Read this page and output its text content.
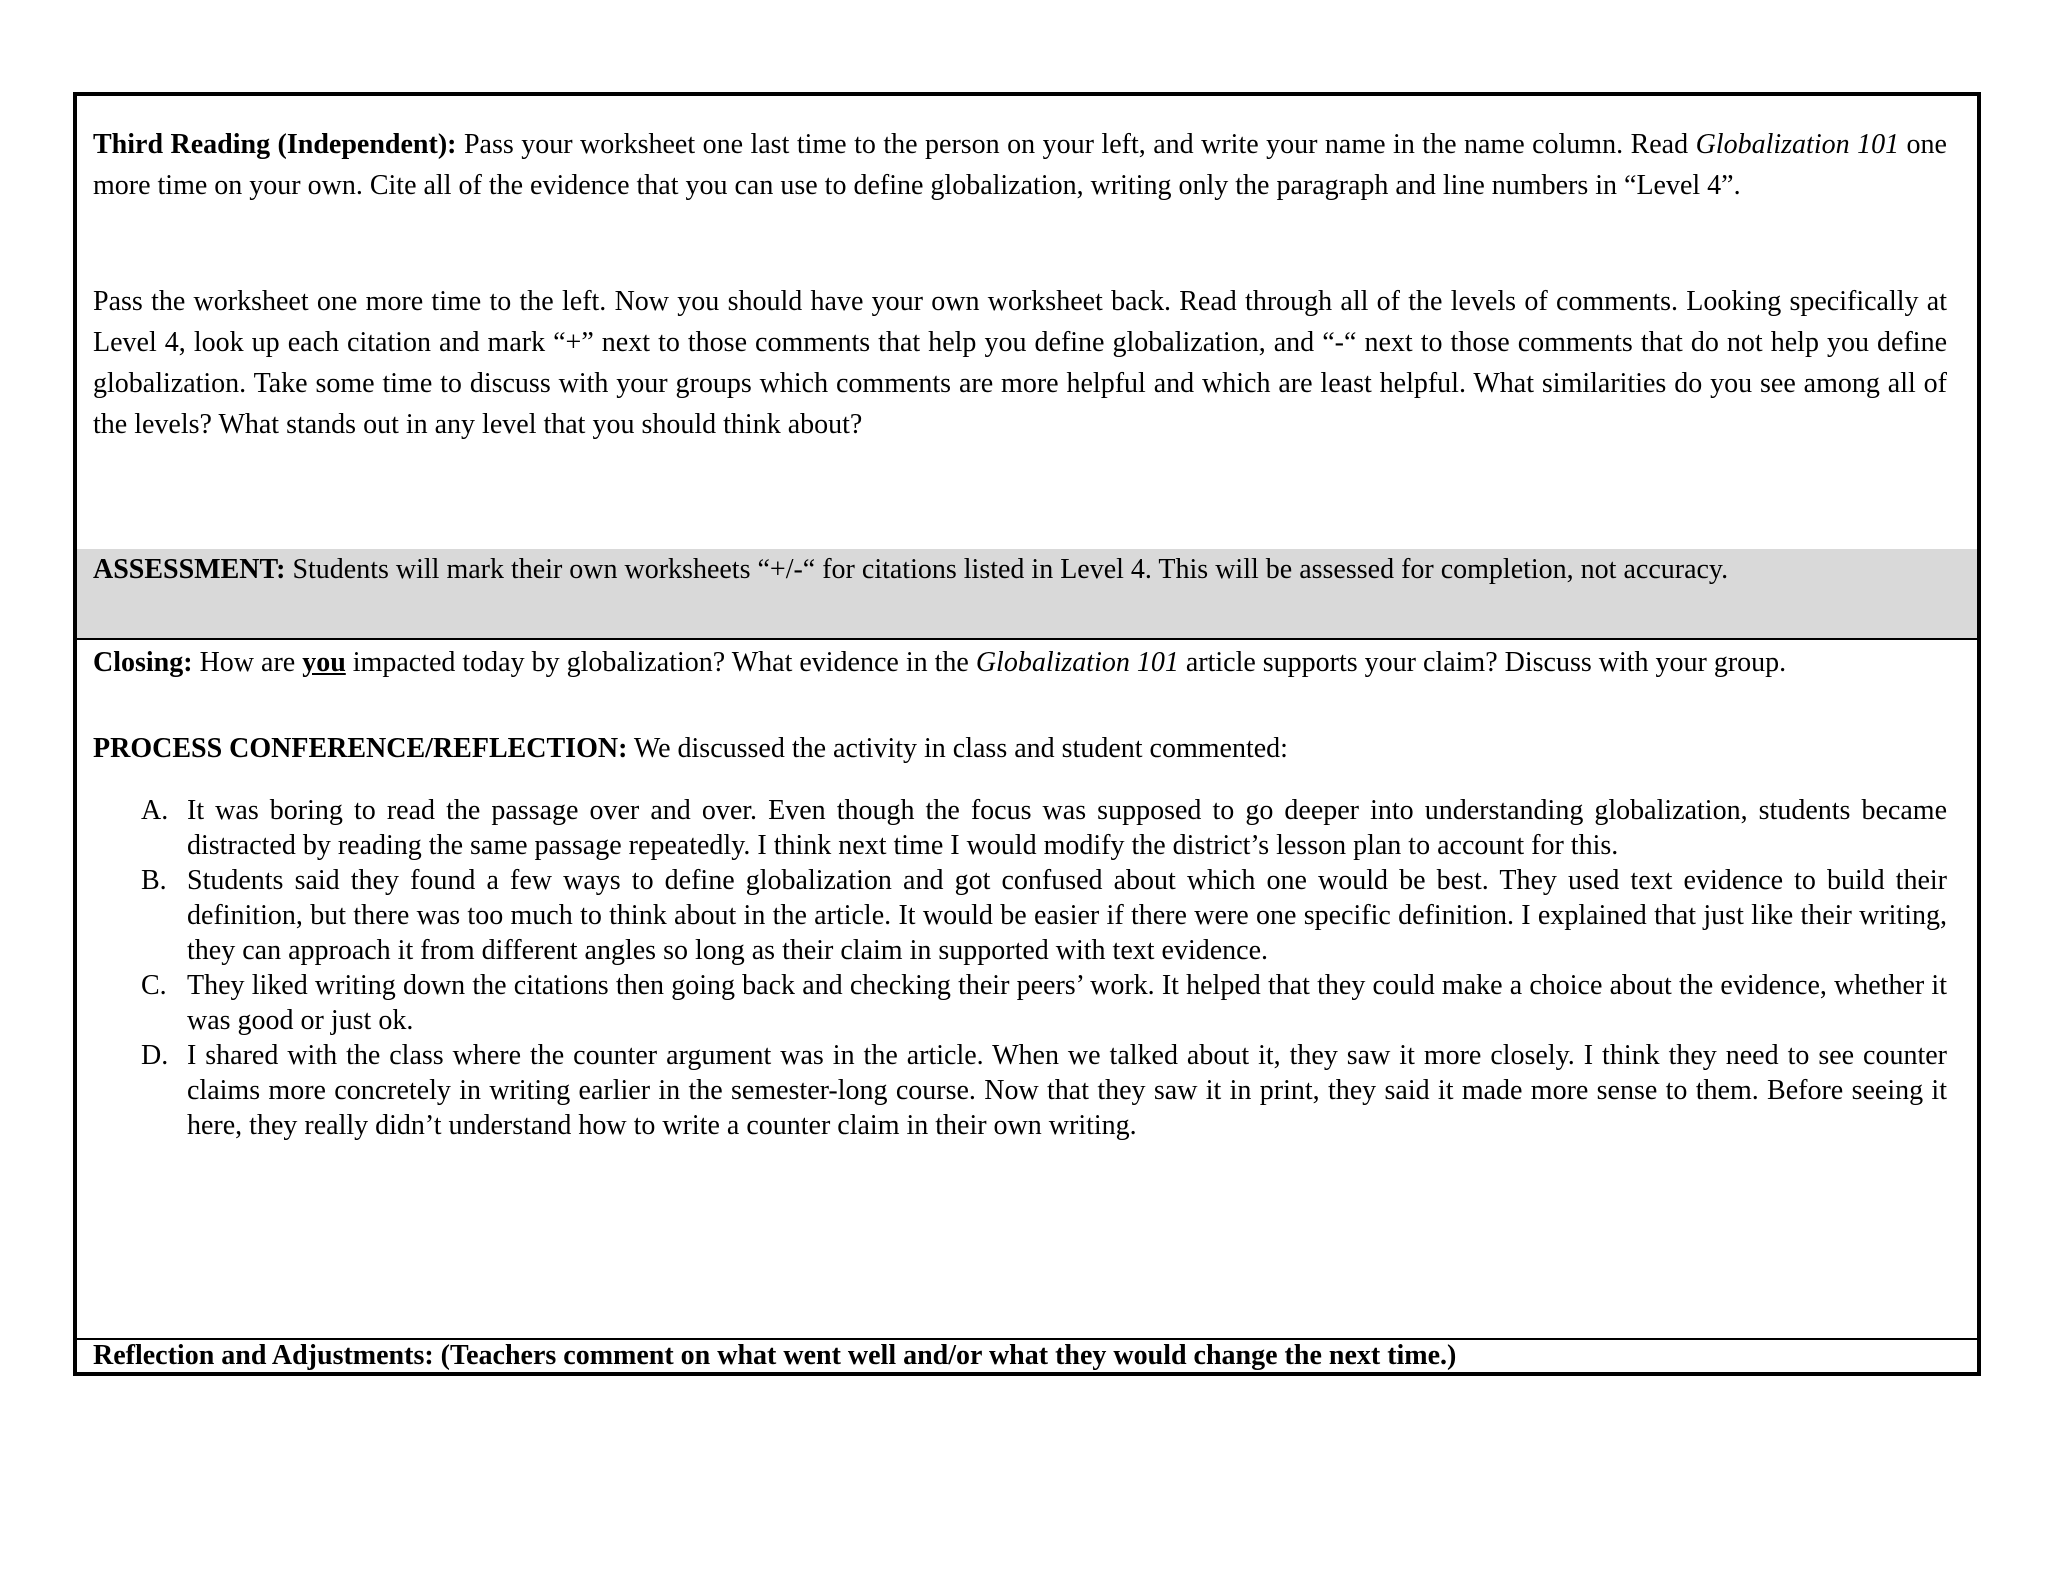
Third Reading (Independent): Pass your worksheet one last time to the person on your left, and write your name in the name column. Read Globalization 101 one more time on your own. Cite all of the evidence that you can use to define globalization, writing only the paragraph and line numbers in “Level 4”.

Pass the worksheet one more time to the left. Now you should have your own worksheet back. Read through all of the levels of comments. Looking specifically at Level 4, look up each citation and mark “+” next to those comments that help you define globalization, and “-“ next to those comments that do not help you define globalization. Take some time to discuss with your groups which comments are more helpful and which are least helpful. What similarities do you see among all of the levels? What stands out in any level that you should think about?

ASSESSMENT: Students will mark their own worksheets “+/-“ for citations listed in Level 4. This will be assessed for completion, not accuracy.

Closing: How are you impacted today by globalization? What evidence in the Globalization 101 article supports your claim? Discuss with your group.

PROCESS CONFERENCE/REFLECTION: We discussed the activity in class and student commented:

A. It was boring to read the passage over and over. Even though the focus was supposed to go deeper into understanding globalization, students became distracted by reading the same passage repeatedly. I think next time I would modify the district’s lesson plan to account for this.
B. Students said they found a few ways to define globalization and got confused about which one would be best. They used text evidence to build their definition, but there was too much to think about in the article. It would be easier if there were one specific definition. I explained that just like their writing, they can approach it from different angles so long as their claim in supported with text evidence.
C. They liked writing down the citations then going back and checking their peers’ work. It helped that they could make a choice about the evidence, whether it was good or just ok.
D. I shared with the class where the counter argument was in the article. When we talked about it, they saw it more closely. I think they need to see counter claims more concretely in writing earlier in the semester-long course. Now that they saw it in print, they said it made more sense to them. Before seeing it here, they really didn’t understand how to write a counter claim in their own writing.

Reflection and Adjustments: (Teachers comment on what went well and/or what they would change the next time.)
